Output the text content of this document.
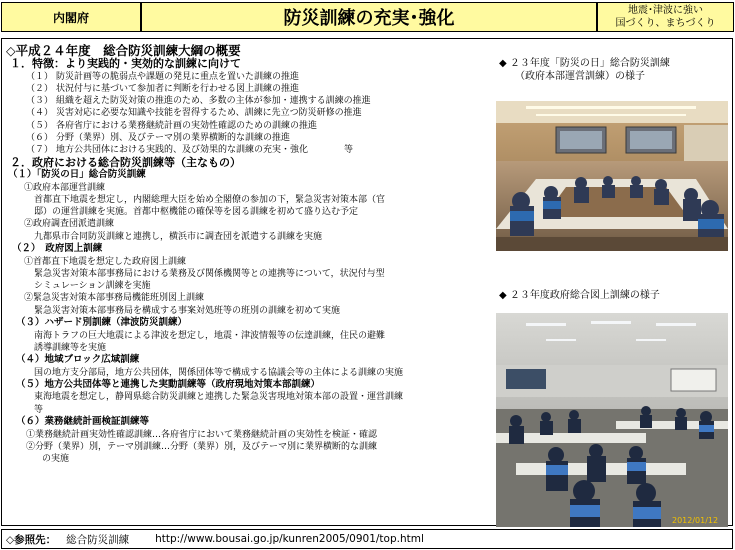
内閣府	防災訓練の充実･強化	地震･津波に強い
国づくり、まちづくり
◇平成２４年度　総合防災訓練大綱の概要
１．特徴：より実践的・実効的な訓練に向けて
（１） 防災計画等の脆弱点や課題の発見に重点を置いた訓練の推進
（２） 状況付与に基づいて参加者に判断を行わせる図上訓練の推進
（３） 組織を超えた防災対策の推進のため、多数の主体が参加・連携する訓練の推進
（４） 災害対応に必要な知識や技能を習得するため、訓練に先立つ防災研修の推進
（５） 各府省庁における業務継続計画の実効性確認のための訓練の推進
（６） 分野（業界）別、及びテーマ別の業界横断的な訓練の推進
（７） 地方公共団体における実践的、及び効果的な訓練の充実・強化　　　　等
２．政府における総合防災訓練等（主なもの）
（１）「防災の日」総合防災訓練
①政府本部運営訓練
首都直下地震を想定し，内閣総理大臣を始め全閣僚の参加の下，緊急災害対策本部（官
邸）の運営訓練を実施。首都中枢機能の確保等を図る訓練を初めて盛り込む予定
②政府調査団派遣訓練
九都県市合同防災訓練と連携し，横浜市に調査団を派遣する訓練を実施
（２）　政府図上訓練
①首都直下地震を想定した政府図上訓練
緊急災害対策本部事務局における業務及び関係機関等との連携等について，状況付与型
シミュレーション訓練を実施
②緊急災害対策本部事務局機能班別図上訓練
緊急災害対策本部事務局を構成する事案対処班等の班別の訓練を初めて実施
（３）ハザード別訓練（津波防災訓練）
南海トラフの巨大地震による津波を想定し，地震・津波情報等の伝達訓練，住民の避難
誘導訓練等を実施
（４）地域ブロック広域訓練
国の地方支分部局，地方公共団体，関係団体等で構成する協議会等の主体による訓練の実施
（５）地方公共団体等と連携した実動訓練等（政府現地対策本部訓練）
東海地震を想定し，静岡県総合防災訓練と連携した緊急災害現地対策本部の設置・運営訓練
等
（６）業務継続計画検証訓練等
①業務継続計画実効性確認訓練…各府省庁において業務継続計画の実効性を検証・確認
②分野（業界）別，テーマ別訓練…分野（業界）別，及びテーマ別に業界横断的な訓練
の実施
◆ ２３年度「防災の日」総合防災訓練
（政府本部運営訓練）の様子
◆ ２３年度政府総合図上訓練の様子
2012/01/12
◇参照先： 総合防災訓練 http://www.bousai.go.jp/kunren2005/0901/top.html
